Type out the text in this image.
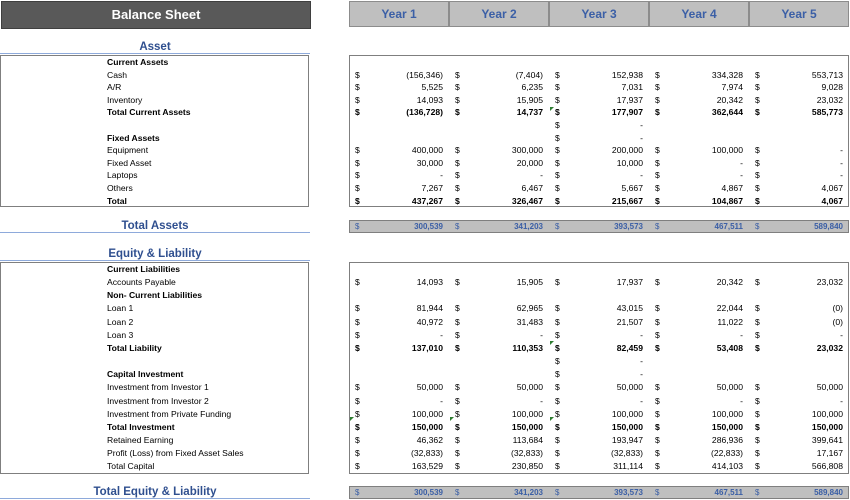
Balance Sheet	Year 1	Year 2	Year 3	Year 4	Year 5
Asset
Current Assets
Cash	$	(156,346) $	(7,404) $	152,938 $	334,328 $	553,713
A/R	$	5,525 $	6,235 $	7,031 $	7,974 $	9,028
Inventory	$	14,093 $	15,905 $	17,937 $	20,342 $	23,032
Total Current Assets	$	(136,728) $	14,737 $	177,907 $	362,644 $	585,773
$	-
Fixed Assets	$	-
Equipment	$	400,000 $	300,000 $	200,000 $	100,000 $	-
Fixed Asset	$	30,000 $	20,000 $	10,000 $	- $	-
Laptops	$	- $	- $	- $	- $	-
Others	$	7,267 $	6,467 $	5,667 $	4,867 $	4,067
Total	$	437,267 $	326,467 $	215,667 $	104,867 $	4,067
Total Assets	$	300,539 $	341,203 $	393,573 $	467,511 $	589,840
Equity & Liability
Current Liabilities
Accounts Payable	$	14,093 $	15,905 $	17,937 $	20,342 $	23,032
Non- Current Liabilities
Loan 1	$	81,944 $	62,965 $	43,015 $	22,044 $	(0)
Loan 2	$	40,972 $	31,483 $	21,507 $	11,022 $	(0)
Loan 3	$	- $	- $	- $	- $	-
Total Liability	$	137,010 $	110,353 $	82,459 $	53,408 $	23,032
$	-
Capital Investment	$	-
Investment from Investor 1	$	50,000 $	50,000 $	50,000 $	50,000 $	50,000
Investment from Investor 2	$	- $	- $	- $	- $	-
Investment from Private Funding	$	100,000 $	100,000 $	100,000 $	100,000 $	100,000
Total Investment	$	150,000 $	150,000 $	150,000 $	150,000 $	150,000
Retained Earning	$	46,362 $	113,684 $	193,947 $	286,936 $	399,641
Profit (Loss) from Fixed Asset Sales	$	(32,833) $	(32,833) $	(32,833) $	(22,833) $	17,167
Total Capital	$	163,529 $	230,850 $	311,114 $	414,103 $	566,808
Total Equity & Liability	$	300,539 $	341,203 $	393,573 $	467,511 $	589,840
